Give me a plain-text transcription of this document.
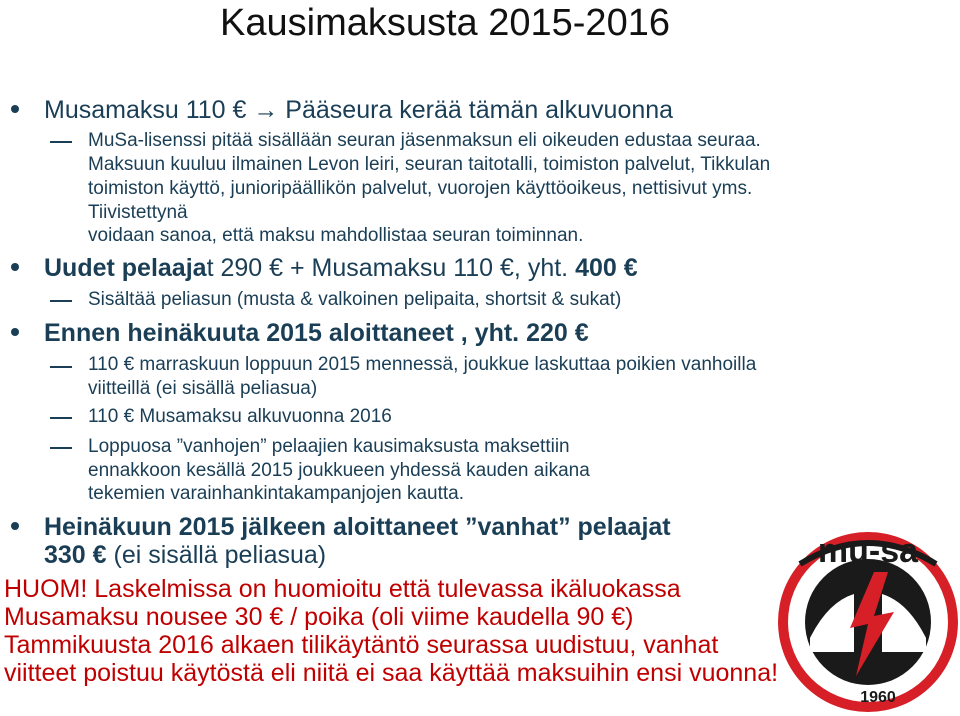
Kausimaksusta 2015-2016
Musamaksu 110 € → Pääseura kerää tämän alkuvuonna
MuSa-lisenssi pitää sisällään seuran jäsenmaksun eli oikeuden edustaa seuraa.
Maksuun kuuluu ilmainen Levon leiri, seuran taitotalli, toimiston palvelut, Tikkulan
toimiston käyttö, junioripäällikön palvelut, vuorojen käyttöoikeus, nettisivut yms.
Tiivistettynä
voidaan sanoa, että maksu mahdollistaa seuran toiminnan.
Uudet pelaajat 290 € + Musamaksu 110 €, yht. 400 €
Sisältää peliasun (musta & valkoinen pelipaita, shortsit & sukat)
Ennen heinäkuuta 2015 aloittaneet , yht. 220 €
110 € marraskuun loppuun 2015 mennessä, joukkue laskuttaa poikien vanhoilla
viitteillä (ei sisällä peliasua)
110 € Musamaksu alkuvuonna 2016
Loppuosa ”vanhojen” pelaajien kausimaksusta maksettiin
ennakkoon kesällä 2015 joukkueen yhdessä kauden aikana
tekemien varainhankintakampanjojen kautta.
Heinäkuun 2015 jälkeen aloittaneet ”vanhat” pelaajat
330 € (ei sisällä peliasua)	mu-sa
1960
HUOM! Laskelmissa on huomioitu että tulevassa ikäluokassa
Musamaksu nousee 30 € / poika (oli viime kaudella 90 €)
Tammikuusta 2016 alkaen tilikäytäntö seurassa uudistuu, vanhat
viitteet poistuu käytöstä eli niitä ei saa käyttää maksuihin ensi vuonna!
